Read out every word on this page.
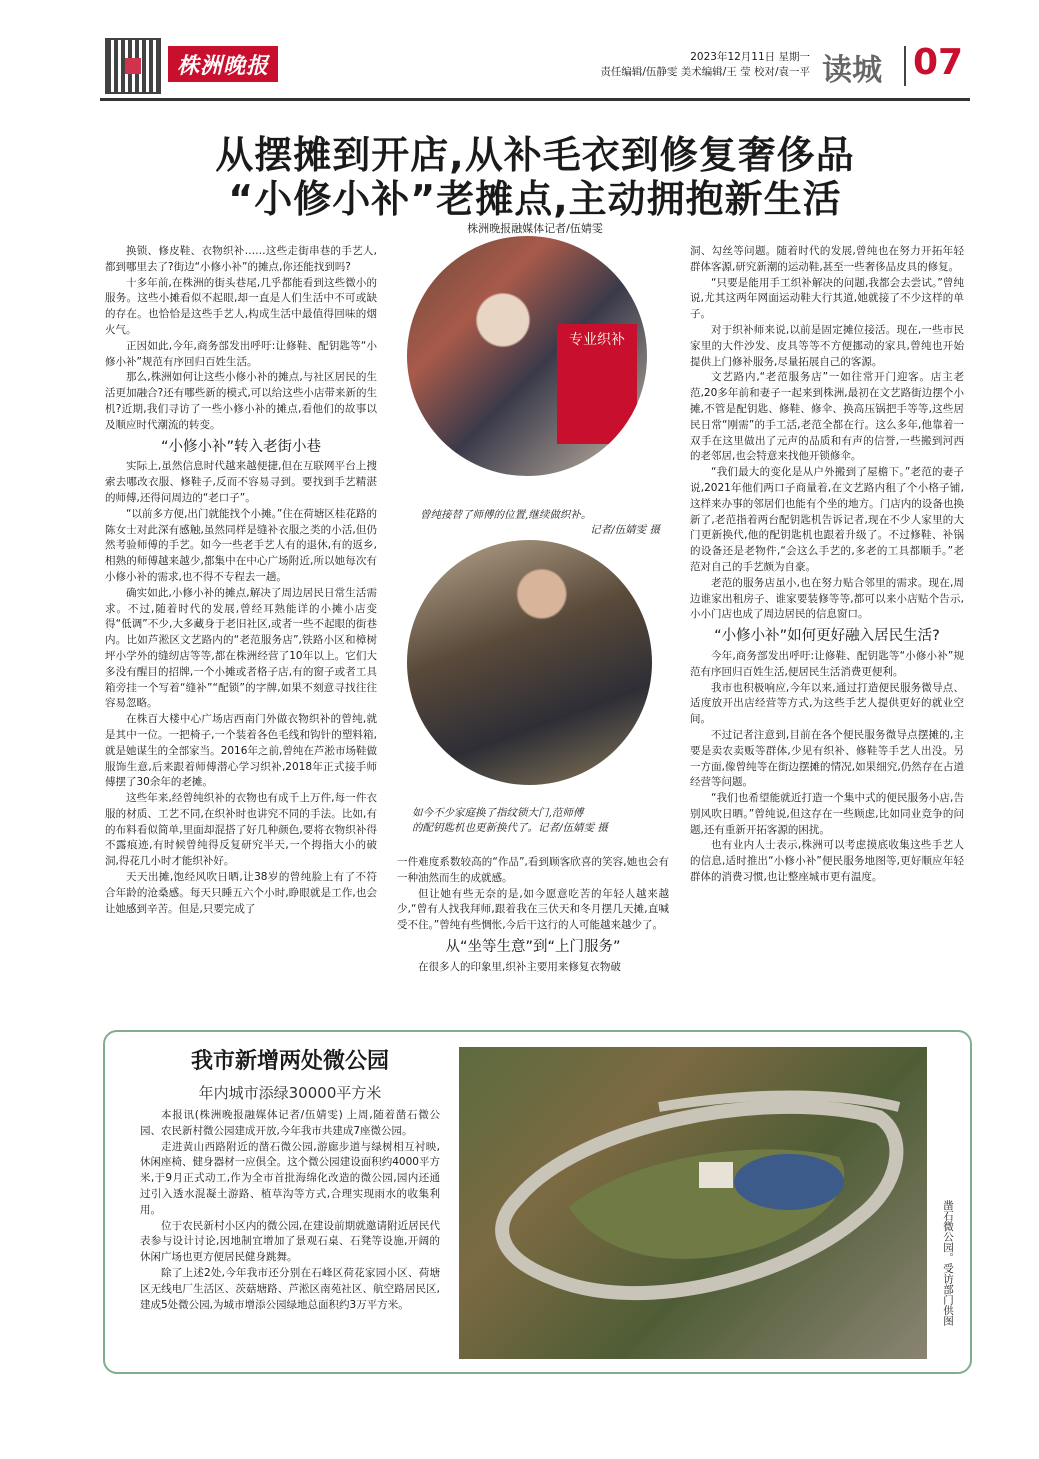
株洲晚报	2023年12月11日 星期一
责任编辑/伍静雯 美术编辑/王 莹 校对/袁一平 读城 07
从摆摊到开店,从补毛衣到修复奢侈品
“小修小补”老摊点,主动拥抱新生活
株洲晚报融媒体记者/伍婧雯

换锁、修皮鞋、衣物织补……这些走街串巷的手艺人,都到哪里去了?街边“小修小补”的摊点,你还能找到吗?

十多年前,在株洲的街头巷尾,几乎都能看到这些微小的服务。这些小摊看似不起眼,却一直是人们生活中不可或缺的存在。也恰恰是这些手艺人,构成生活中最值得回味的烟火气。

正因如此,今年,商务部发出呼吁:让修鞋、配钥匙等“小修小补”规范有序回归百姓生活。

那么,株洲如何让这些小修小补的摊点,与社区居民的生活更加融合?还有哪些新的模式,可以给这些小店带来新的生机?近期,我们寻访了一些小修小补的摊点,看他们的故事以及顺应时代潮流的转变。

“小修小补”转入老街小巷

实际上,虽然信息时代越来越便捷,但在互联网平台上搜索去哪改衣服、修鞋子,反而不容易寻到。要找到手艺精湛的师傅,还得问周边的“老口子”。

“以前多方便,出门就能找个小摊。”住在荷塘区桂花路的陈女士对此深有感触,虽然同样是缝补衣服之类的小活,但仍然考验师傅的手艺。如今一些老手艺人有的退休,有的返乡,相熟的师傅越来越少,都集中在中心广场附近,所以她每次有小修小补的需求,也不得不专程去一趟。

确实如此,小修小补的摊点,解决了周边居民日常生活需求。不过,随着时代的发展,曾经耳熟能详的小摊小店变得“低调”不少,大多藏身于老旧社区,或者一些不起眼的街巷内。比如芦淞区文艺路内的“老范服务店”,铁路小区和樟树坪小学外的缝纫店等等,都在株洲经营了10年以上。它们大多没有醒目的招牌,一个小摊或者格子店,有的窗子或者工具箱旁挂一个写着“缝补”“配锁”的字牌,如果不刻意寻找往往容易忽略。

在株百大楼中心广场店西南门外做衣物织补的曾纯,就是其中一位。一把椅子,一个装着各色毛线和钩针的塑料箱,就是她谋生的全部家当。2016年之前,曾纯在芦淞市场鞋做服饰生意,后来跟着师傅潜心学习织补,2018年正式接手师傅摆了30余年的老摊。

这些年来,经曾纯织补的衣物也有成千上万件,每一件衣服的材质、工艺不同,在织补时也讲究不同的手法。比如,有的布料看似简单,里面却混搭了好几种颜色,要将衣物织补得不露痕迹,有时候曾纯得反复研究半天,一个拇指大小的破洞,得花几小时才能织补好。

天天出摊,饱经风吹日晒,让38岁的曾纯脸上有了不符合年龄的沧桑感。每天只睡五六个小时,睁眼就是工作,也会让她感到辛苦。但是,只要完成了

专业织补
曾纯接替了师傅的位置,继续做织补。
记者/伍婧雯 摄
如今不少家庭换了指纹锁大门,范师傅
的配钥匙机也更新换代了。记者/伍婧雯 摄

一件难度系数较高的“作品”,看到顾客欣喜的笑容,她也会有一种油然而生的成就感。

但让她有些无奈的是,如今愿意吃苦的年轻人越来越少,“曾有人找我拜师,跟着我在三伏天和冬月摆几天摊,直喊受不住。”曾纯有些惆怅,今后干这行的人可能越来越少了。

从“坐等生意”到“上门服务”

在很多人的印象里,织补主要用来修复衣物破

洞、勾丝等问题。随着时代的发展,曾纯也在努力开拓年轻群体客源,研究新潮的运动鞋,甚至一些奢侈品皮具的修复。

“只要是能用手工织补解决的问题,我都会去尝试。”曾纯说,尤其这两年网面运动鞋大行其道,她就接了不少这样的单子。

对于织补师来说,以前是固定摊位接活。现在,一些市民家里的大件沙发、皮具等等不方便挪动的家具,曾纯也开始提供上门修补服务,尽量拓展自己的客源。

文艺路内,“老范服务店”一如往常开门迎客。店主老范,20多年前和妻子一起来到株洲,最初在文艺路街边摆个小摊,不管是配钥匙、修鞋、修伞、换高压锅把手等等,这些居民日常“刚需”的手工活,老范全都在行。这么多年,他靠着一双手在这里做出了元声的品质和有声的信誉,一些搬到河西的老邻居,也会特意来找他开锁修伞。

“我们最大的变化是从户外搬到了屋檐下。”老范的妻子说,2021年他们两口子商量着,在文艺路内租了个小格子铺,这样来办事的邻居们也能有个坐的地方。门店内的设备也换新了,老范指着两台配钥匙机告诉记者,现在不少人家里的大门更新换代,他的配钥匙机也跟着升级了。不过修鞋、补锅的设备还是老物件,“会这么手艺的,多老的工具都顺手。”老范对自己的手艺颇为自豪。

老范的服务店虽小,也在努力贴合邻里的需求。现在,周边谁家出租房子、谁家要装修等等,都可以来小店贴个告示,小小门店也成了周边居民的信息窗口。

“小修小补”如何更好融入居民生活?

今年,商务部发出呼吁:让修鞋、配钥匙等“小修小补”规范有序回归百姓生活,便居民生活消费更便利。

我市也积极响应,今年以来,通过打造便民服务微导点、适度放开出店经营等方式,为这些手艺人提供更好的就业空间。

不过记者注意到,目前在各个便民服务微导点摆摊的,主要是卖农卖贩等群体,少见有织补、修鞋等手艺人出没。另一方面,像曾纯等在街边摆摊的情况,如果细究,仍然存在占道经营等问题。

“我们也希望能就近打造一个集中式的便民服务小店,告别风吹日晒。”曾纯说,但这存在一些顾虑,比如同业竞争的问题,还有重新开拓客源的困扰。

也有业内人士表示,株洲可以考虑摸底收集这些手艺人的信息,适时推出“小修小补”便民服务地图等,更好顺应年轻群体的消费习惯,也让整座城市更有温度。

我市新增两处微公园
年内城市添绿30000平方米

本报讯(株洲晚报融媒体记者/伍婧雯) 上周,随着凿石微公园、农民新村微公园建成开放,今年我市共建成7座微公园。

走进黄山西路附近的凿石微公园,游廊步道与绿树相互衬映,休闲座椅、健身器材一应俱全。这个微公园建设面积约4000平方米,于9月正式动工,作为全市首批海绵化改造的微公园,园内还通过引入透水混凝土游路、植草沟等方式,合理实现雨水的收集利用。

位于农民新村小区内的微公园,在建设前期就邀请附近居民代表参与设计讨论,因地制宜增加了景观石桌、石凳等设施,开阔的休闲广场也更方便居民健身跳舞。

除了上述2处,今年我市还分别在石峰区荷花家园小区、荷塘区无线电厂生活区、茨菇塘路、芦淞区南苑社区、航空路居民区,建成5处微公园,为城市增添公园绿地总面积约3万平方米。	凿石微公园。受访部门供图
